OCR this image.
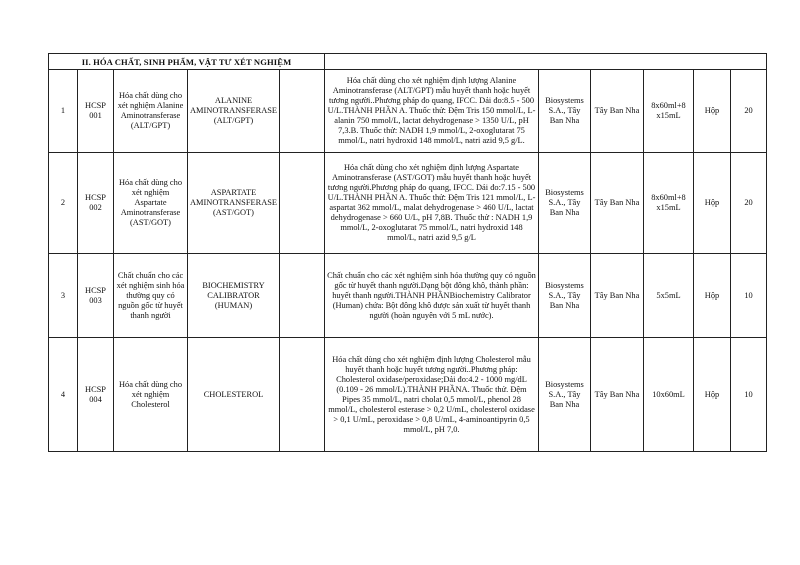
II. HÓA CHẤT, SINH PHẨM, VẬT TƯ XÉT NGHIỆM										
1	HCSP 001	Hóa chất dùng cho xét nghiệm Alanine Aminotransferase (ALT/GPT)	ALANINE AMINOTRANSFERASE (ALT/GPT)		Hóa chất dùng cho xét nghiệm định lượng Alanine Aminotransferase (ALT/GPT) mẫu huyết thanh hoặc huyết tương người..Phương pháp đo quang, IFCC. Dải đo:8.5 - 500 U/L.THÀNH PHẦN A. Thuốc thử: Đệm Tris 150 mmol/L, L-alanin 750 mmol/L, lactat dehydrogenase > 1350 U/L, pH 7,3.B. Thuốc thử: NADH 1,9 mmol/L, 2-oxoglutarat 75 mmol/L, natri hydroxid 148 mmol/L, natri azid 9,5 g/L.	Biosystems S.A., Tây Ban Nha	Tây Ban Nha	8x60ml+8 x15mL	Hộp	20
2	HCSP 002	Hóa chất dùng cho xét nghiệm Aspartate Aminotransferase (AST/GOT)	ASPARTATE AMINOTRANSFERASE (AST/GOT)		Hóa chất dùng cho xét nghiệm định lượng Aspartate Aminotransferase (AST/GOT) mẫu huyết thanh hoặc huyết tương người.Phương pháp đo quang, IFCC. Dải đo:7.15 - 500 U/L.THÀNH PHẦN A. Thuốc thử: Đệm Tris 121 mmol/L, L-aspartat 362 mmol/L, malat dehydrogenase > 460 U/L, lactat dehydrogenase > 660 U/L, pH 7,8B. Thuốc thử : NADH 1,9 mmol/L, 2-oxoglutarat 75 mmol/L, natri hydroxid 148 mmol/L, natri azid 9,5 g/L	Biosystems S.A., Tây Ban Nha	Tây Ban Nha	8x60ml+8 x15mL	Hộp	20
3	HCSP 003	Chất chuẩn cho các xét nghiệm sinh hóa thường quy có nguồn gốc từ huyết thanh người	BIOCHEMISTRY CALIBRATOR (HUMAN)		Chất chuẩn cho các xét nghiệm sinh hóa thường quy có nguồn gốc từ huyết thanh người.Dạng bột đông khô, thành phần: huyết thanh người.THÀNH PHẦNBiochemistry Calibrator (Human) chứa: Bột đông khô được sản xuất từ huyết thanh người (hoàn nguyên với 5 mL nước).	Biosystems S.A., Tây Ban Nha	Tây Ban Nha	5x5mL	Hộp	10
4	HCSP 004	Hóa chất dùng cho xét nghiệm Cholesterol	CHOLESTEROL		Hóa chất dùng cho xét nghiệm định lượng Cholesterol mẫu huyết thanh hoặc huyết tương người..Phương pháp: Cholesterol oxidase/peroxidase;Dải đo:4.2 - 1000 mg/dL (0.109 - 26 mmol/L).THÀNH PHẦNA. Thuốc thử. Đệm Pipes 35 mmol/L, natri cholat 0,5 mmol/L, phenol 28 mmol/L, cholesterol esterase > 0,2 U/mL, cholesterol oxidase > 0,1 U/mL, peroxidase > 0,8 U/mL, 4-aminoantipyrin 0,5 mmol/L, pH 7,0.	Biosystems S.A., Tây Ban Nha	Tây Ban Nha	10x60mL	Hộp	10
